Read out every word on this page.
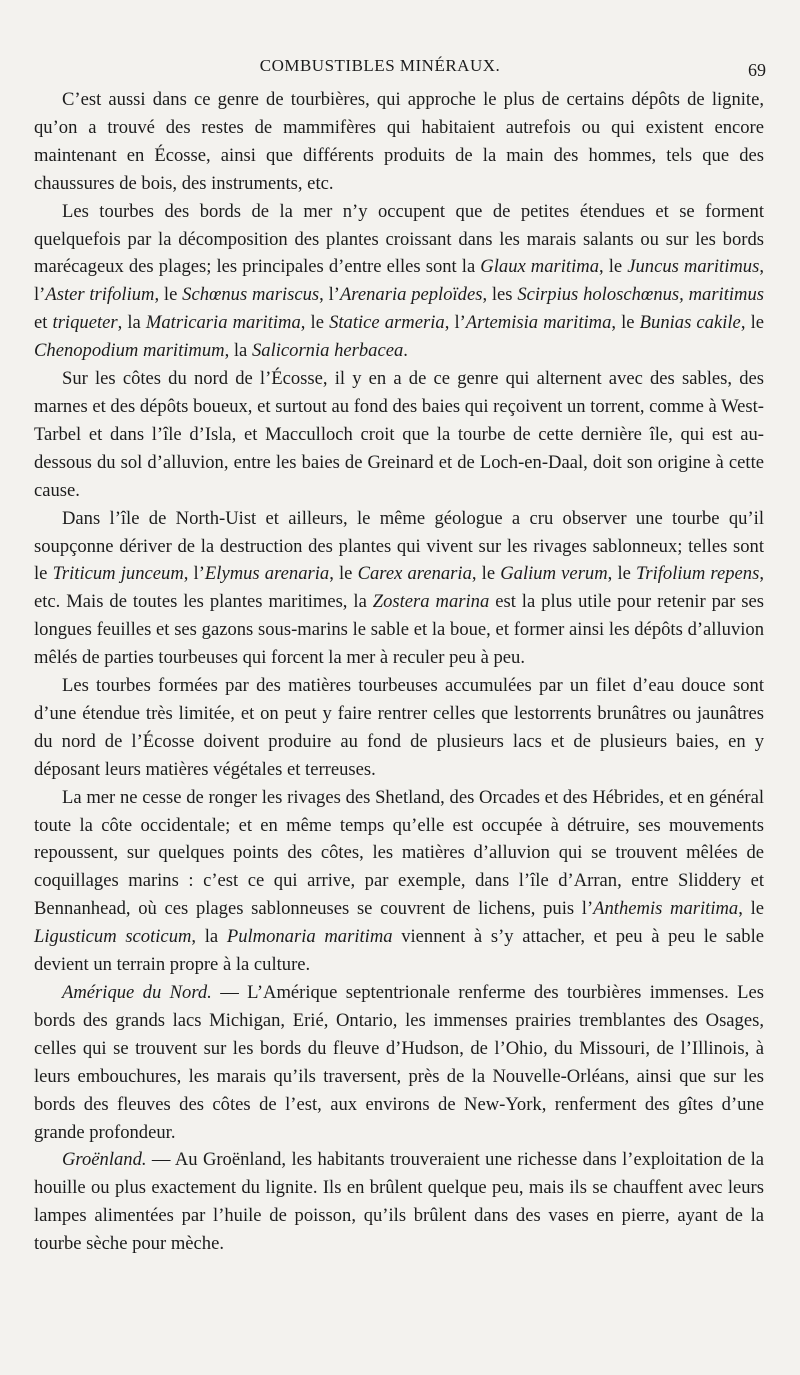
COMBUSTIBLES MINÉRAUX.	69

C’est aussi dans ce genre de tourbières, qui approche le plus de certains dépôts de lignite, qu’on a trouvé des restes de mammifères qui habitaient autrefois ou qui existent encore maintenant en Écosse, ainsi que différents produits de la main des hommes, tels que des chaussures de bois, des instruments, etc.

Les tourbes des bords de la mer n’y occupent que de petites étendues et se forment quelquefois par la décomposition des plantes croissant dans les marais salants ou sur les bords marécageux des plages; les principales d’entre elles sont la Glaux maritima, le Juncus maritimus, l’Aster trifolium, le Schœnus mariscus, l’Arenaria peploïdes, les Scirpius holoschœnus, maritimus et triqueter, la Matricaria maritima, le Statice armeria, l’Artemisia maritima, le Bunias cakile, le Chenopodium maritimum, la Salicornia herbacea.

Sur les côtes du nord de l’Écosse, il y en a de ce genre qui alternent avec des sables, des marnes et des dépôts boueux, et surtout au fond des baies qui reçoivent un torrent, comme à West-Tarbel et dans l’île d’Isla, et Macculloch croit que la tourbe de cette dernière île, qui est au-dessous du sol d’alluvion, entre les baies de Greinard et de Loch-en-Daal, doit son origine à cette cause.

Dans l’île de North-Uist et ailleurs, le même géologue a cru observer une tourbe qu’il soupçonne dériver de la destruction des plantes qui vivent sur les rivages sablonneux; telles sont le Triticum junceum, l’Elymus arenaria, le Carex arenaria, le Galium verum, le Trifolium repens, etc. Mais de toutes les plantes maritimes, la Zostera marina est la plus utile pour retenir par ses longues feuilles et ses gazons sous-marins le sable et la boue, et former ainsi les dépôts d’alluvion mêlés de parties tourbeuses qui forcent la mer à reculer peu à peu.

Les tourbes formées par des matières tourbeuses accumulées par un filet d’eau douce sont d’une étendue très limitée, et on peut y faire rentrer celles que lestorrents brunâtres ou jaunâtres du nord de l’Écosse doivent produire au fond de plusieurs lacs et de plusieurs baies, en y déposant leurs matières végétales et terreuses.

La mer ne cesse de ronger les rivages des Shetland, des Orcades et des Hébrides, et en général toute la côte occidentale; et en même temps qu’elle est occupée à détruire, ses mouvements repoussent, sur quelques points des côtes, les matières d’alluvion qui se trouvent mêlées de coquillages marins : c’est ce qui arrive, par exemple, dans l’île d’Arran, entre Sliddery et Bennanhead, où ces plages sablonneuses se couvrent de lichens, puis l’Anthemis maritima, le Ligusticum scoticum, la Pulmonaria maritima viennent à s’y attacher, et peu à peu le sable devient un terrain propre à la culture.

Amérique du Nord. — L’Amérique septentrionale renferme des tourbières immenses. Les bords des grands lacs Michigan, Erié, Ontario, les immenses prairies tremblantes des Osages, celles qui se trouvent sur les bords du fleuve d’Hudson, de l’Ohio, du Missouri, de l’Illinois, à leurs embouchures, les marais qu’ils traversent, près de la Nouvelle-Orléans, ainsi que sur les bords des fleuves des côtes de l’est, aux environs de New-York, renferment des gîtes d’une grande profondeur.

Groënland. — Au Groënland, les habitants trouveraient une richesse dans l’exploitation de la houille ou plus exactement du lignite. Ils en brûlent quelque peu, mais ils se chauffent avec leurs lampes alimentées par l’huile de poisson, qu’ils brûlent dans des vases en pierre, ayant de la tourbe sèche pour mèche.
